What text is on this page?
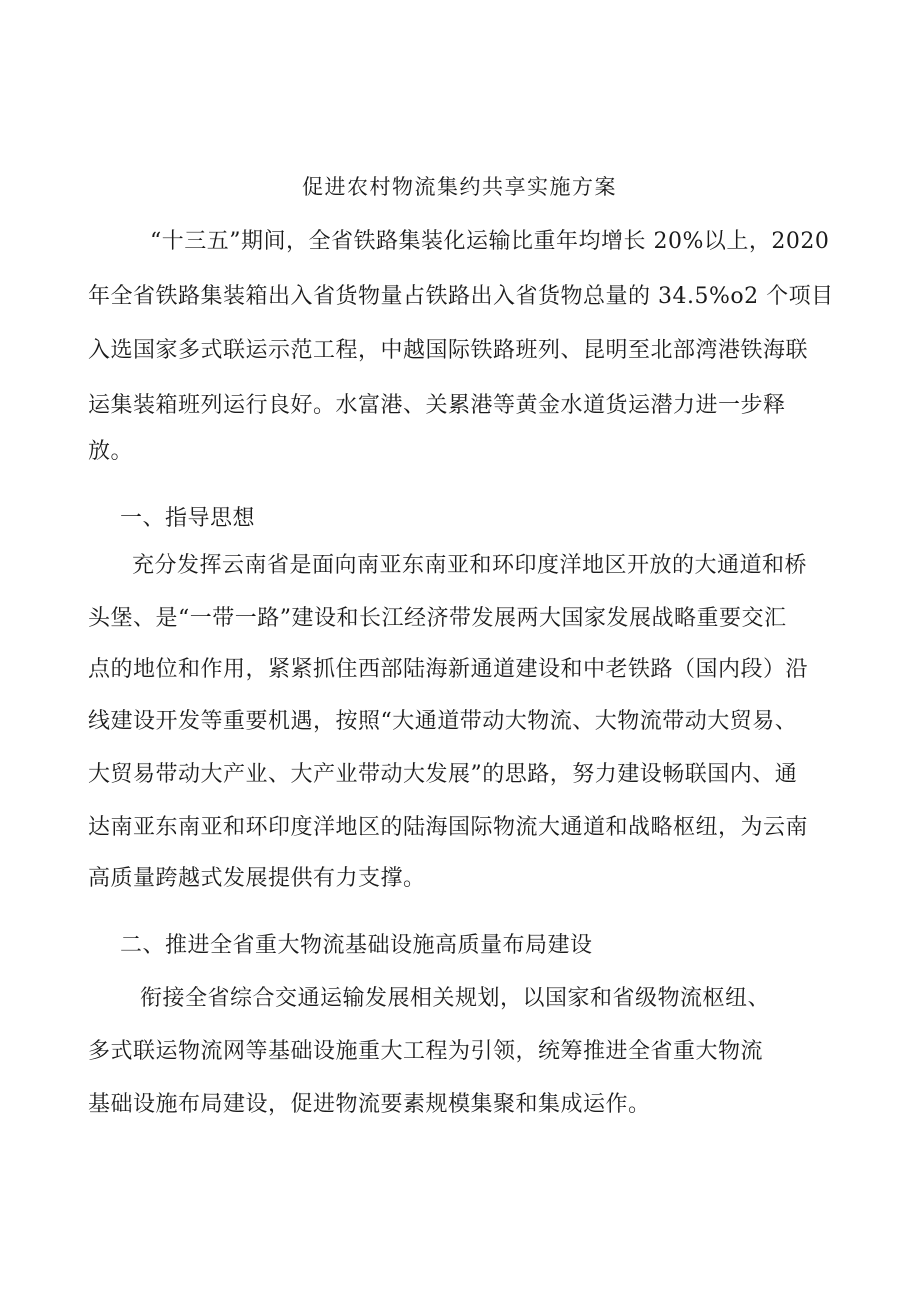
促进农村物流集约共享实施方案

“十三五”期间，全省铁路集装化运输比重年均增长 20%以上，2020

年全省铁路集装箱出入省货物量占铁路出入省货物总量的 34.5%o2 个项目

入选国家多式联运示范工程，中越国际铁路班列、昆明至北部湾港铁海联

运集装箱班列运行良好。水富港、关累港等黄金水道货运潜力进一步释

放。

一、指导思想

充分发挥云南省是面向南亚东南亚和环印度洋地区开放的大通道和桥

头堡、是“一带一路”建设和长江经济带发展两大国家发展战略重要交汇

点的地位和作用，紧紧抓住西部陆海新通道建设和中老铁路（国内段）沿

线建设开发等重要机遇，按照“大通道带动大物流、大物流带动大贸易、

大贸易带动大产业、大产业带动大发展”的思路，努力建设畅联国内、通

达南亚东南亚和环印度洋地区的陆海国际物流大通道和战略枢纽，为云南

高质量跨越式发展提供有力支撑。

二、推进全省重大物流基础设施高质量布局建设

衔接全省综合交通运输发展相关规划，以国家和省级物流枢纽、

多式联运物流网等基础设施重大工程为引领，统筹推进全省重大物流

基础设施布局建设，促进物流要素规模集聚和集成运作。
